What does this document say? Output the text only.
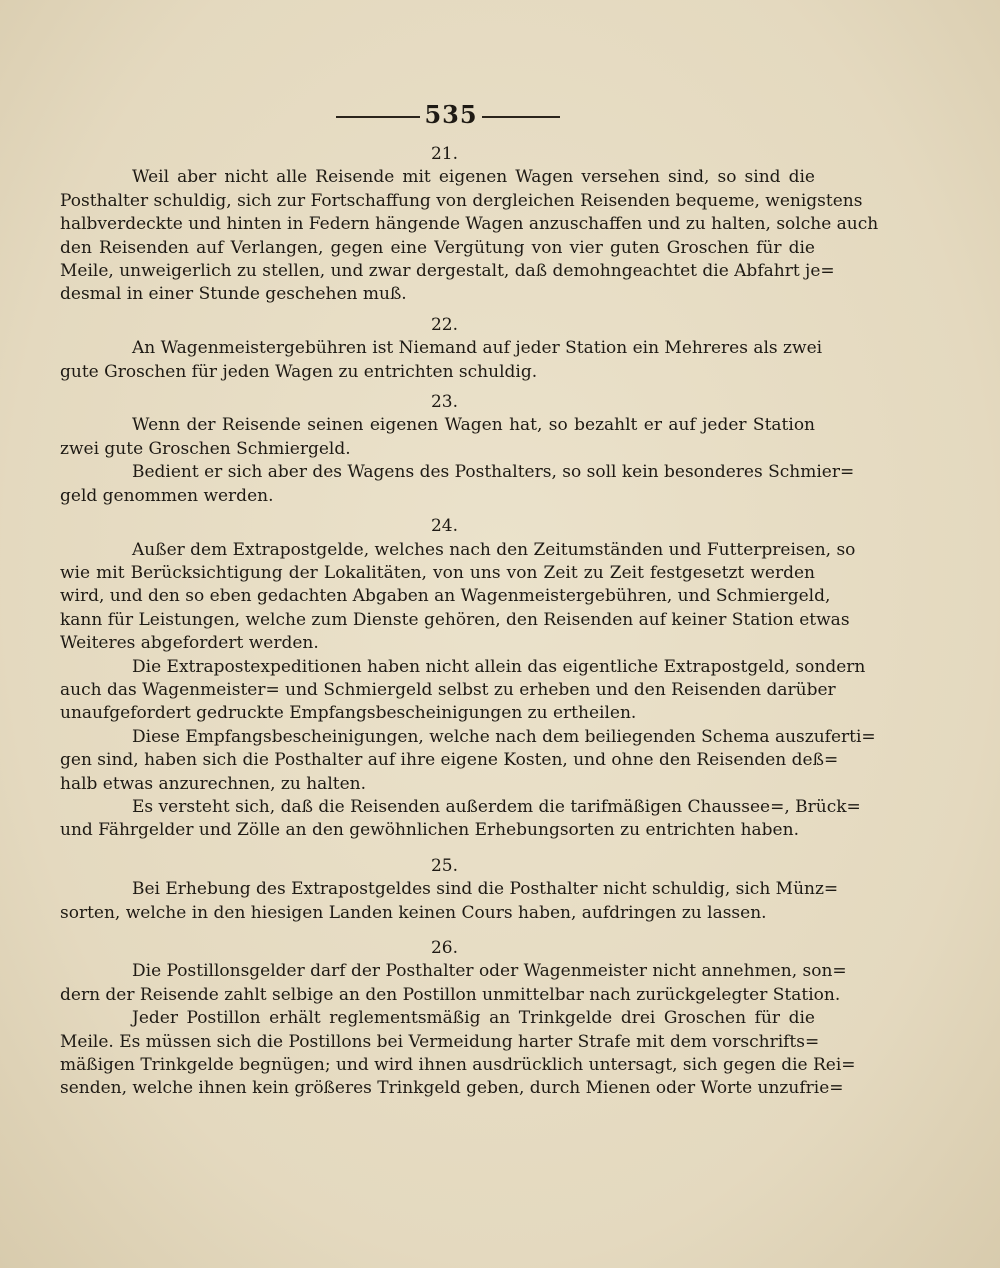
535
21.
Weil aber nicht alle Reisende mit eigenen Wagen versehen sind, so sind die
Posthalter schuldig, sich zur Fortschaffung von dergleichen Reisenden bequeme, wenigstens
halbverdeckte und hinten in Federn hängende Wagen anzuschaffen und zu halten, solche auch
den Reisenden auf Verlangen, gegen eine Vergütung von vier guten Groschen für die
Meile, unweigerlich zu stellen, und zwar dergestalt, daß demohngeachtet die Abfahrt je=
desmal in einer Stunde geschehen muß.
22.
An Wagenmeistergebühren ist Niemand auf jeder Station ein Mehreres als zwei
gute Groschen für jeden Wagen zu entrichten schuldig.
23.
Wenn der Reisende seinen eigenen Wagen hat, so bezahlt er auf jeder Station
zwei gute Groschen Schmiergeld.
Bedient er sich aber des Wagens des Posthalters, so soll kein besonderes Schmier=
geld genommen werden.
24.
Außer dem Extrapostgelde, welches nach den Zeitumständen und Futterpreisen, so
wie mit Berücksichtigung der Lokalitäten, von uns von Zeit zu Zeit festgesetzt werden
wird, und den so eben gedachten Abgaben an Wagenmeistergebühren, und Schmiergeld,
kann für Leistungen, welche zum Dienste gehören, den Reisenden auf keiner Station etwas
Weiteres abgefordert werden.
Die Extrapostexpeditionen haben nicht allein das eigentliche Extrapostgeld, sondern
auch das Wagenmeister= und Schmiergeld selbst zu erheben und den Reisenden darüber
unaufgefordert gedruckte Empfangsbescheinigungen zu ertheilen.
Diese Empfangsbescheinigungen, welche nach dem beiliegenden Schema auszuferti=
gen sind, haben sich die Posthalter auf ihre eigene Kosten, und ohne den Reisenden deß=
halb etwas anzurechnen, zu halten.
Es versteht sich, daß die Reisenden außerdem die tarifmäßigen Chaussee=, Brück=
und Fährgelder und Zölle an den gewöhnlichen Erhebungsorten zu entrichten haben.
25.
Bei Erhebung des Extrapostgeldes sind die Posthalter nicht schuldig, sich Münz=
sorten, welche in den hiesigen Landen keinen Cours haben, aufdringen zu lassen.
26.
Die Postillonsgelder darf der Posthalter oder Wagenmeister nicht annehmen, son=
dern der Reisende zahlt selbige an den Postillon unmittelbar nach zurückgelegter Station.
Jeder Postillon erhält reglementsmäßig an Trinkgelde drei Groschen für die
Meile. Es müssen sich die Postillons bei Vermeidung harter Strafe mit dem vorschrifts=
mäßigen Trinkgelde begnügen; und wird ihnen ausdrücklich untersagt, sich gegen die Rei=
senden, welche ihnen kein größeres Trinkgeld geben, durch Mienen oder Worte unzufrie=
